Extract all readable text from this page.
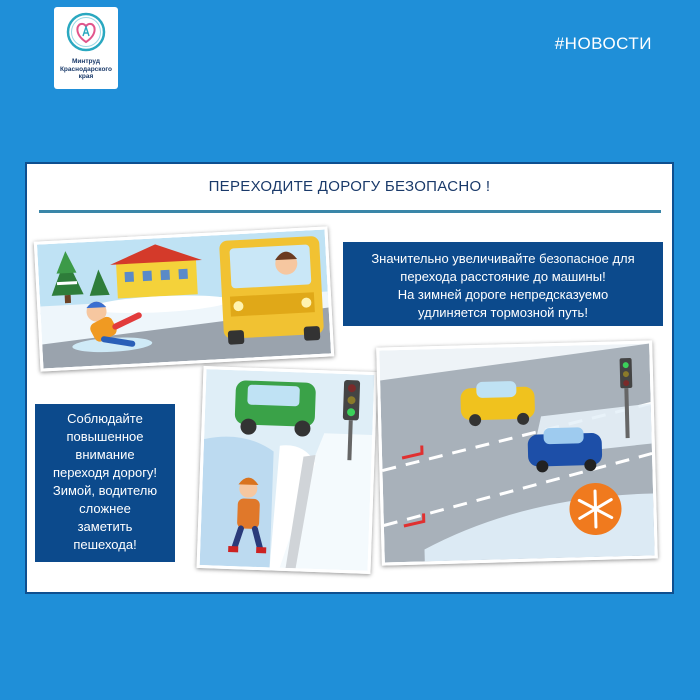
Минтруд
Краснодарского
края
#НОВОСТИ
ПЕРЕХОДИТЕ ДОРОГУ БЕЗОПАСНО !
Значительно увеличивайте безопасное для
перехода расстояние до машины!
На зимней дороге непредсказуемо
удлиняется тормозной путь!
Соблюдайте
повышенное
внимание
переходя дорогу!
Зимой, водителю
сложнее
заметить
пешехода!
